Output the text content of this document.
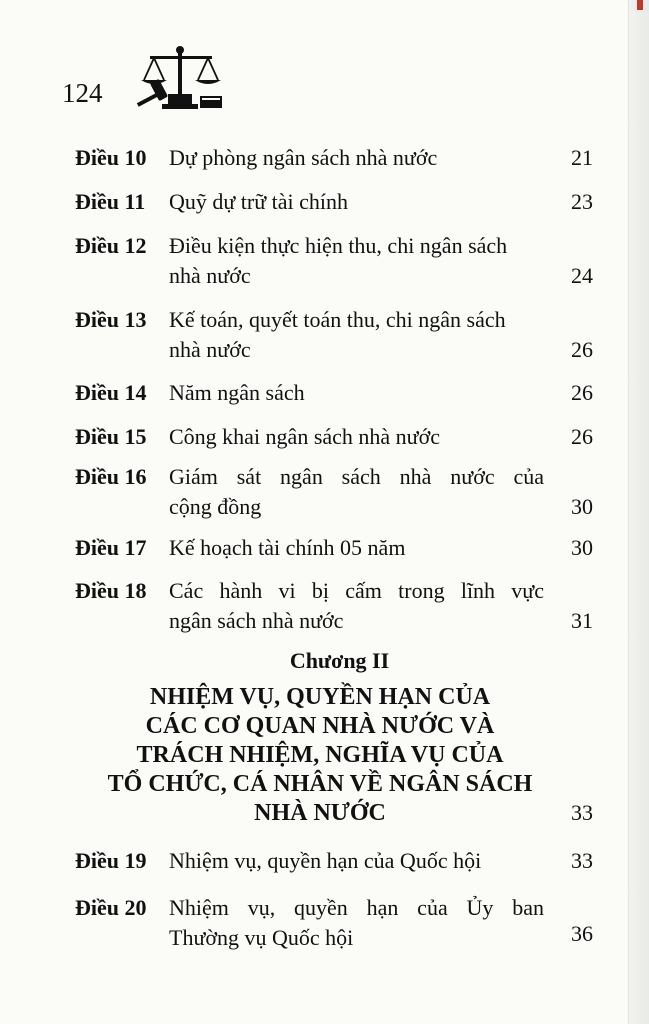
124
Điều 10 Dự phòng ngân sách nhà nước	21
Điều 11 Quỹ dự trữ tài chính	23
Điều 12 Điều kiện thực hiện thu, chi ngân sách
nhà nước	24
Điều 13 Kế toán, quyết toán thu, chi ngân sách
nhà nước	26
Điều 14 Năm ngân sách	26
Điều 15 Công khai ngân sách nhà nước	26
Điều 16 Giám sát ngân sách nhà nước của
cộng đồng	30
Điều 17 Kế hoạch tài chính 05 năm	30
Điều 18 Các hành vi bị cấm trong lĩnh vực
ngân sách nhà nước	31
Chương II
NHIỆM VỤ, QUYỀN HẠN CỦA
CÁC CƠ QUAN NHÀ NƯỚC VÀ
TRÁCH NHIỆM, NGHĨA VỤ CỦA
TỔ CHỨC, CÁ NHÂN VỀ NGÂN SÁCH
NHÀ NƯỚC	33
Điều 19 Nhiệm vụ, quyền hạn của Quốc hội	33
Điều 20 Nhiệm vụ, quyền hạn của Ủy ban
Thường vụ Quốc hội	36
